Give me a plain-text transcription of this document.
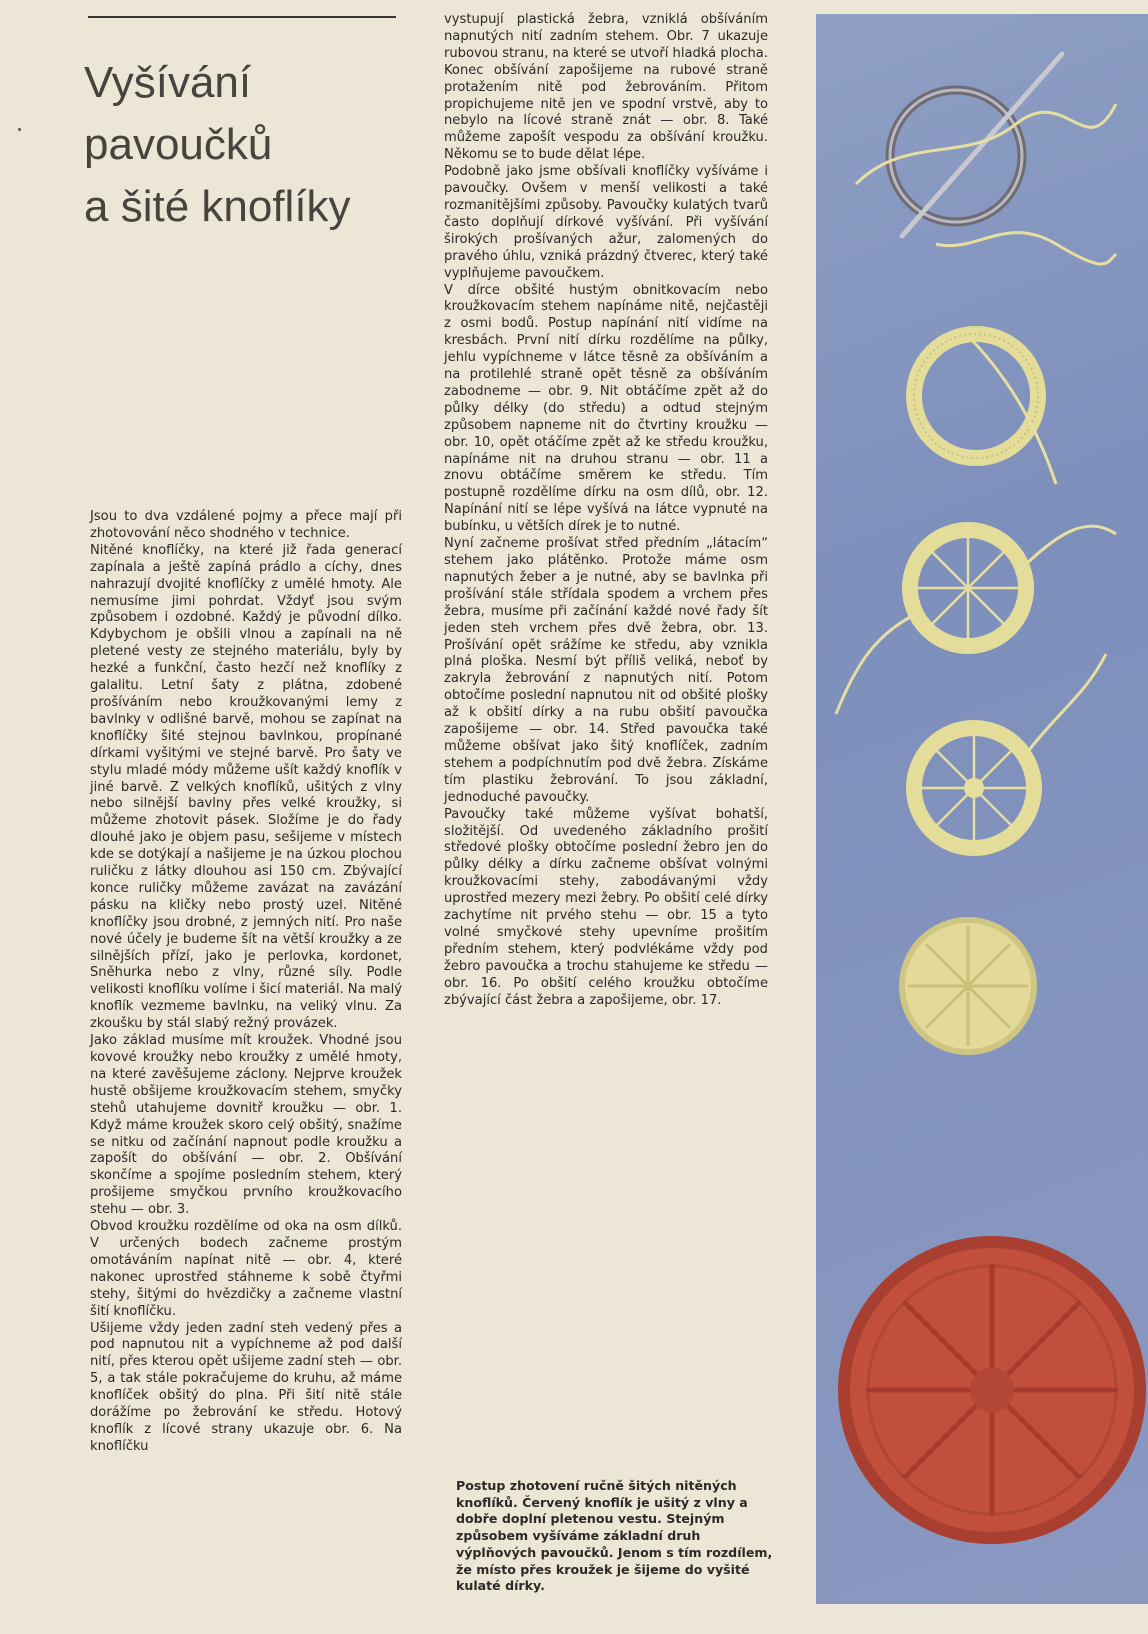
Vyšívání
pavoučků
a šité knoflíky

Jsou to dva vzdálené pojmy a přece mají při zhotovování něco shodného v technice.

Nitěné knoflíčky, na které již řada generací zapínala a ještě zapíná prádlo a cíchy, dnes nahrazují dvojité knoflíčky z umělé hmoty. Ale nemusíme jimi pohrdat. Vždyť jsou svým způsobem i ozdobné. Každý je původní dílko. Kdybychom je obšili vlnou a zapínali na ně pletené vesty ze stejného materiálu, byly by hezké a funkční, často hezčí než knoflíky z galalitu. Letní šaty z plátna, zdobené prošíváním nebo kroužkovanými lemy z bavlnky v odlišné barvě, mohou se zapínat na knoflíčky šité stejnou bavlnkou, propínané dírkami vyšitými ve stejné barvě. Pro šaty ve stylu mladé módy můžeme ušít každý knoflík v jiné barvě. Z velkých knoflíků, ušitých z vlny nebo silnější bavlny přes velké kroužky, si můžeme zhotovit pásek. Složíme je do řady dlouhé jako je objem pasu, sešijeme v místech kde se dotýkají a našijeme je na úzkou plochou ruličku z látky dlouhou asi 150 cm. Zbývající konce ruličky můžeme zavázat na zavázání pásku na kličky nebo prostý uzel. Nitěné knoflíčky jsou drobné, z jemných nití. Pro naše nové účely je budeme šít na větší kroužky a ze silnějších přízí, jako je perlovka, kordonet, Sněhurka nebo z vlny, různé síly. Podle velikosti knoflíku volíme i šicí materiál. Na malý knoflík vezmeme bavlnku, na veliký vlnu. Za zkoušku by stál slabý režný provázek.

Jako základ musíme mít kroužek. Vhodné jsou kovové kroužky nebo kroužky z umělé hmoty, na které zavěšujeme záclony. Nejprve kroužek hustě obšijeme kroužkovacím stehem, smyčky stehů utahujeme dovnitř kroužku — obr. 1. Když máme kroužek skoro celý obšitý, snažíme se nitku od začínání napnout podle kroužku a zapošít do obšívání — obr. 2. Obšívání skončíme a spojíme posledním stehem, který prošijeme smyčkou prvního kroužkovacího stehu — obr. 3.

Obvod kroužku rozdělíme od oka na osm dílků. V určených bodech začneme prostým omotáváním napínat nitě — obr. 4, které nakonec uprostřed stáhneme k sobě čtyřmi stehy, šitými do hvězdičky a začneme vlastní šití knoflíčku.

Ušijeme vždy jeden zadní steh vedený přes a pod napnutou nit a vypíchneme až pod další nití, přes kterou opět ušijeme zadní steh — obr. 5, a tak stále pokračujeme do kruhu, až máme knoflíček obšitý do plna. Při šití nitě stále dorážíme po žebrování ke středu. Hotový knoflík z lícové strany ukazuje obr. 6. Na knoflíčku

vystupují plastická žebra, vzniklá obšíváním napnutých nití zadním stehem. Obr. 7 ukazuje rubovou stranu, na které se utvoří hladká plocha. Konec obšívání zapošijeme na rubové straně protažením nitě pod žebrováním. Přitom propichujeme nitě jen ve spodní vrstvě, aby to nebylo na lícové straně znát — obr. 8. Také můžeme zapošít vespodu za obšívání kroužku. Někomu se to bude dělat lépe.

Podobně jako jsme obšívali knoflíčky vyšíváme i pavoučky. Ovšem v menší velikosti a také rozmanitějšími způsoby. Pavoučky kulatých tvarů často doplňují dírkové vyšívání. Při vyšívání širokých prošívaných ažur, zalomených do pravého úhlu, vzniká prázdný čtverec, který také vyplňujeme pavoučkem.

V dírce obšité hustým obnitkovacím nebo kroužkovacím stehem napínáme nitě, nejčastěji z osmi bodů. Postup napínání nití vidíme na kresbách. První nití dírku rozdělíme na půlky, jehlu vypíchneme v látce těsně za obšíváním a na protilehlé straně opět těsně za obšíváním zabodneme — obr. 9. Nit obtáčíme zpět až do půlky délky (do středu) a odtud stejným způsobem napneme nit do čtvrtiny kroužku — obr. 10, opět otáčíme zpět až ke středu kroužku, napínáme nit na druhou stranu — obr. 11 a znovu obtáčíme směrem ke středu. Tím postupně rozdělíme dírku na osm dílů, obr. 12. Napínání nití se lépe vyšívá na látce vypnuté na bubínku, u větších dírek je to nutné.

Nyní začneme prošívat střed předním „látacím“ stehem jako plátěnko. Protože máme osm napnutých žeber a je nutné, aby se bavlnka při prošívání stále střídala spodem a vrchem přes žebra, musíme při začínání každé nové řady šít jeden steh vrchem přes dvě žebra, obr. 13. Prošívání opět srážíme ke středu, aby vznikla plná ploška. Nesmí být příliš veliká, neboť by zakryla žebrování z napnutých nití. Potom obtočíme poslední napnutou nit od obšité plošky až k obšití dírky a na rubu obšití pavoučka zapošijeme — obr. 14. Střed pavoučka také můžeme obšívat jako šitý knoflíček, zadním stehem a podpíchnutím pod dvě žebra. Získáme tím plastiku žebrování. To jsou základní, jednoduché pavoučky.

Pavoučky také můžeme vyšívat bohatší, složitější. Od uvedeného základního prošití středové plošky obtočíme poslední žebro jen do půlky délky a dírku začneme obšívat volnými kroužkovacími stehy, zabodávanými vždy uprostřed mezery mezi žebry. Po obšití celé dírky zachytíme nit prvého stehu — obr. 15 a tyto volné smyčkové stehy upevníme prošitím předním stehem, který podvlékáme vždy pod žebro pavoučka a trochu stahujeme ke středu — obr. 16. Po obšití celého kroužku obtočíme zbývající část žebra a zapošijeme, obr. 17.

Postup zhotovení ručně šitých nitěných knoflíků. Červený knoflík je ušitý z vlny a dobře doplní pletenou vestu. Stejným způsobem vyšíváme základní druh výplňových pavoučků. Jenom s tím rozdílem, že místo přes kroužek je šijeme do vyšité kulaté dírky.
